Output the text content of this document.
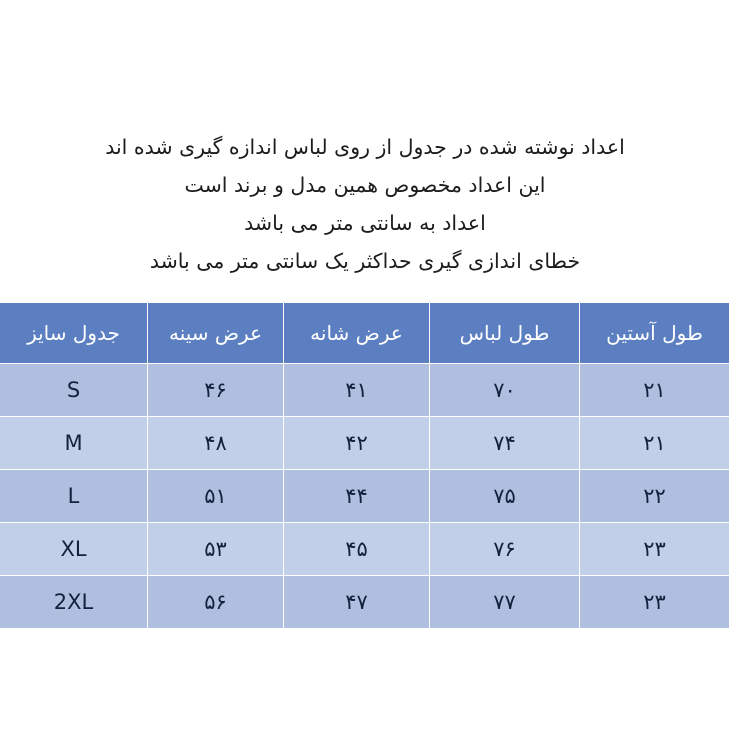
اعداد نوشته شده در جدول از روی لباس اندازه گیری شده اند
این اعداد مخصوص همین مدل و برند است
اعداد به سانتی متر می باشد
خطای اندازی گیری حداکثر یک سانتی متر می باشد
طول آستین	طول لباس	عرض شانه	عرض سینه	جدول سایز
۲۱	۷۰	۴۱	۴۶	S
۲۱	۷۴	۴۲	۴۸	M
۲۲	۷۵	۴۴	۵۱	L
۲۳	۷۶	۴۵	۵۳	XL
۲۳	۷۷	۴۷	۵۶	2XL
